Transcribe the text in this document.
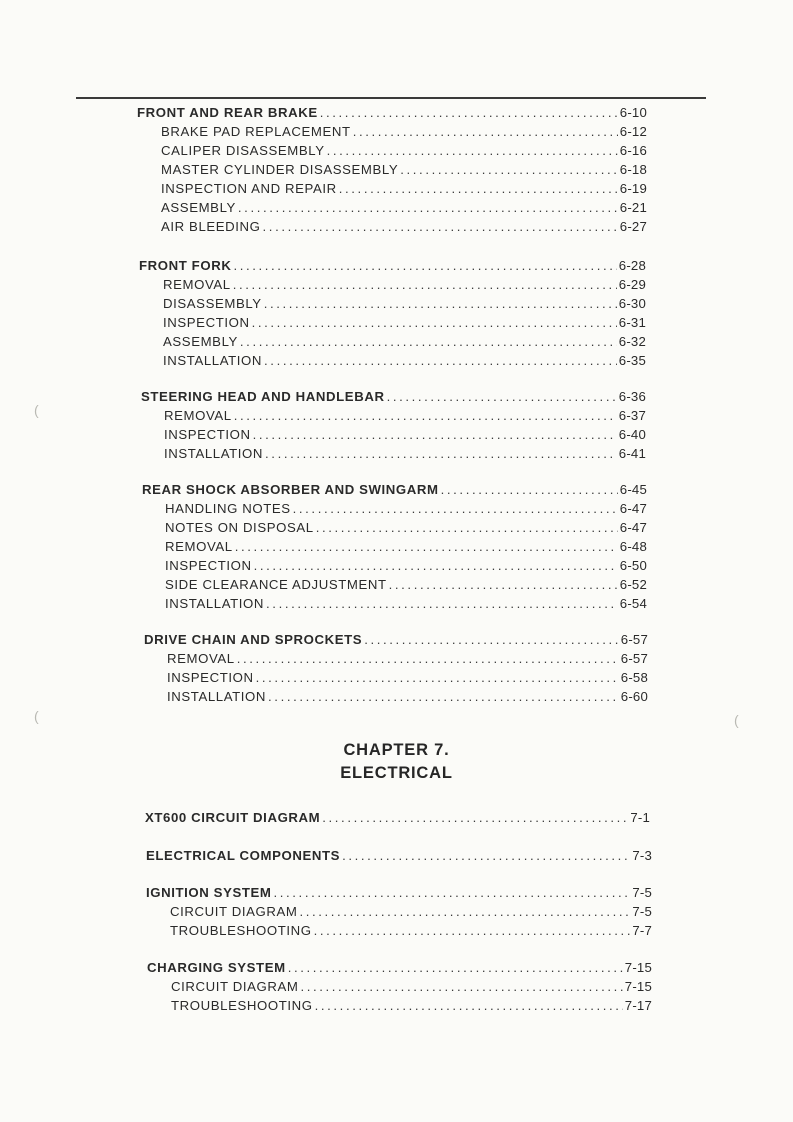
FRONT AND REAR BRAKE .....	6-10
BRAKE PAD REPLACEMENT .....	6-12
CALIPER DISASSEMBLY .....	6-16
MASTER CYLINDER DISASSEMBLY .....	6-18
INSPECTION AND REPAIR .....	6-19
ASSEMBLY .....	6-21
AIR BLEEDING .....	6-27
FRONT FORK .....	6-28
REMOVAL .....	6-29
DISASSEMBLY .....	6-30
INSPECTION .....	6-31
ASSEMBLY .....	6-32
INSTALLATION .....	6-35
STEERING HEAD AND HANDLEBAR .....	6-36
REMOVAL .....	6-37
INSPECTION .....	6-40
INSTALLATION .....	6-41
REAR SHOCK ABSORBER AND SWINGARM .....	6-45
HANDLING NOTES .....	6-47
NOTES ON DISPOSAL .....	6-47
REMOVAL .....	6-48
INSPECTION .....	6-50
SIDE CLEARANCE ADJUSTMENT .....	6-52
INSTALLATION .....	6-54
DRIVE CHAIN AND SPROCKETS .....	6-57
REMOVAL .....	6-57
INSPECTION .....	6-58
INSTALLATION .....	6-60
CHAPTER 7.
ELECTRICAL
XT600 CIRCUIT DIAGRAM .....	7-1
ELECTRICAL COMPONENTS .....	7-3
IGNITION SYSTEM .....	7-5
CIRCUIT DIAGRAM .....	7-5
TROUBLESHOOTING .....	7-7
CHARGING SYSTEM .....	7-15
CIRCUIT DIAGRAM .....	7-15
TROUBLESHOOTING .....	7-17
(
(	(
